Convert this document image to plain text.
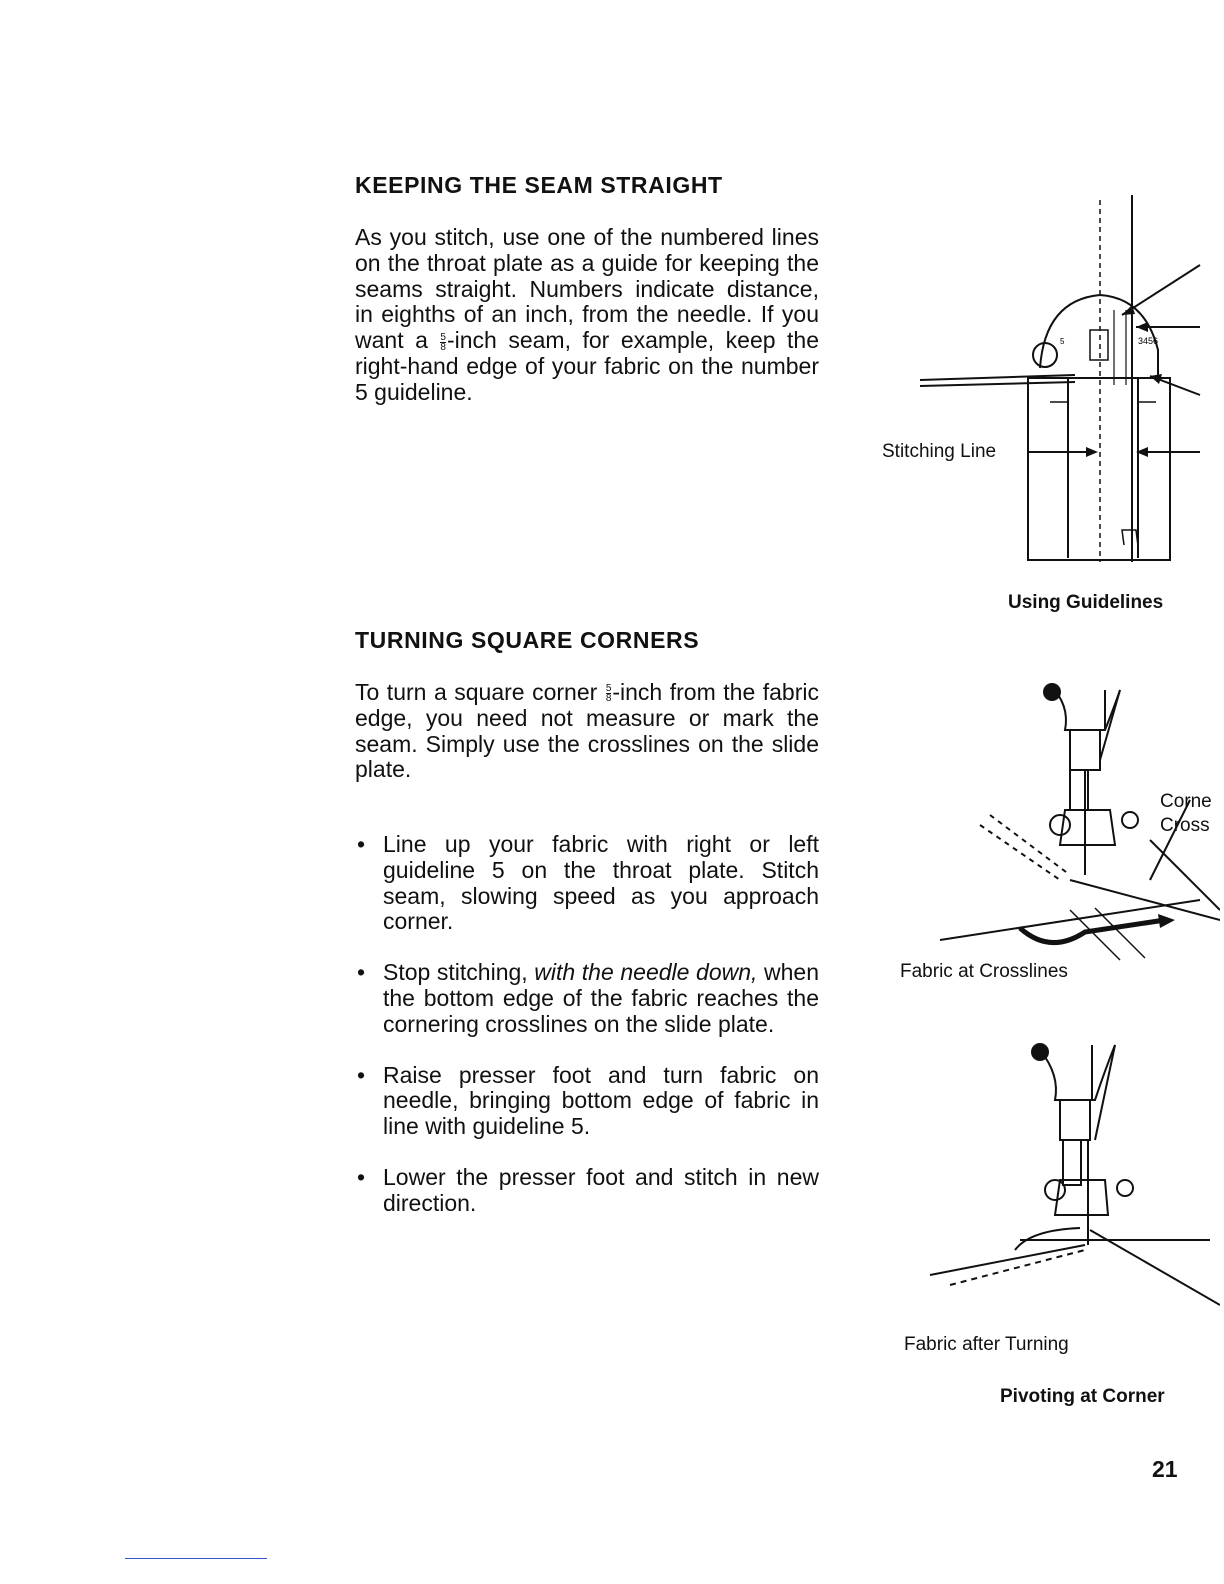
KEEPING THE SEAM STRAIGHT

As you stitch, use one of the numbered lines on the throat plate as a guide for keeping the seams straight. Numbers indicate distance, in eighths of an inch, from the needle. If you want a $\frac{5}{8}$ -inch seam, for example, keep the right-hand edge of your fabric on the number 5 guideline.

3456
5
Stitching Line
Using Guidelines
TURNING SQUARE CORNERS

To turn a square corner $\frac{5}{8}$ -inch from the fabric edge, you need not measure or mark the seam. Simply use the crosslines on the slide plate.

• Line up your fabric with right or left guideline 5 on the throat plate. Stitch seam, slowing speed as you approach corner.
• Stop stitching, with the needle down, when the bottom edge of the fabric reaches the cornering crosslines on the slide plate.
• Raise presser foot and turn fabric on needle, bringing bottom edge of fabric in line with guideline 5.
• Lower the presser foot and stitch in new direction.
Corne
Cross
Fabric at Crosslines
Fabric after Turning
Pivoting at Corner
21
